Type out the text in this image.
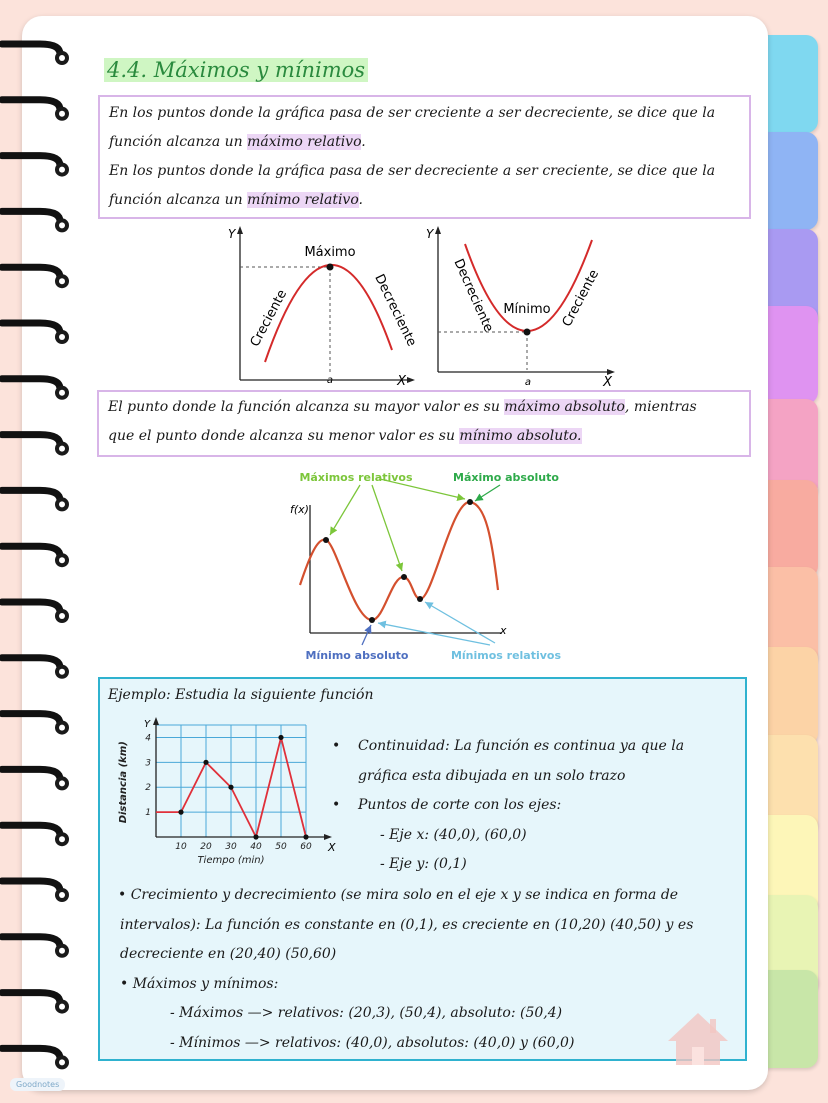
4.4. Máximos y mínimos

En los puntos donde la gráfica pasa de ser creciente a ser decreciente, se dice que la

función alcanza un máximo relativo.

En los puntos donde la gráfica pasa de ser decreciente a ser creciente, se dice que la

función alcanza un mínimo relativo.

Y
X
a
Máximo
Creciente	Decreciente
Y
X
a
Mínimo
Decreciente	Creciente

El punto donde la función alcanza su mayor valor es su máximo absoluto, mientras

que el punto donde alcanza su menor valor es su mínimo absoluto.

f(x)
x
Máximos relativos	Máximo absoluto
Mínimo absoluto	Mínimos relativos
Ejemplo: Estudia la siguiente función
Y
X
10 20 30 40 50 60
1
2
3
4
Tiempo (min)
Distancia (km)	• Continuidad: La función es continua ya que la
gráfica esta dibujada en un solo trazo
• Puntos de corte con los ejes:
- Eje x: (40,0), (60,0)
- Eje y: (0,1)
• Crecimiento y decrecimiento (se mira solo en el eje x y se indica en forma de
intervalos): La función es constante en (0,1), es creciente en (10,20) (40,50) y es
decreciente en (20,40) (50,60)
• Máximos y mínimos:
- Máximos —> relativos: (20,3), (50,4), absoluto: (50,4)
- Mínimos —> relativos: (40,0), absolutos: (40,0) y (60,0)
Goodnotes
